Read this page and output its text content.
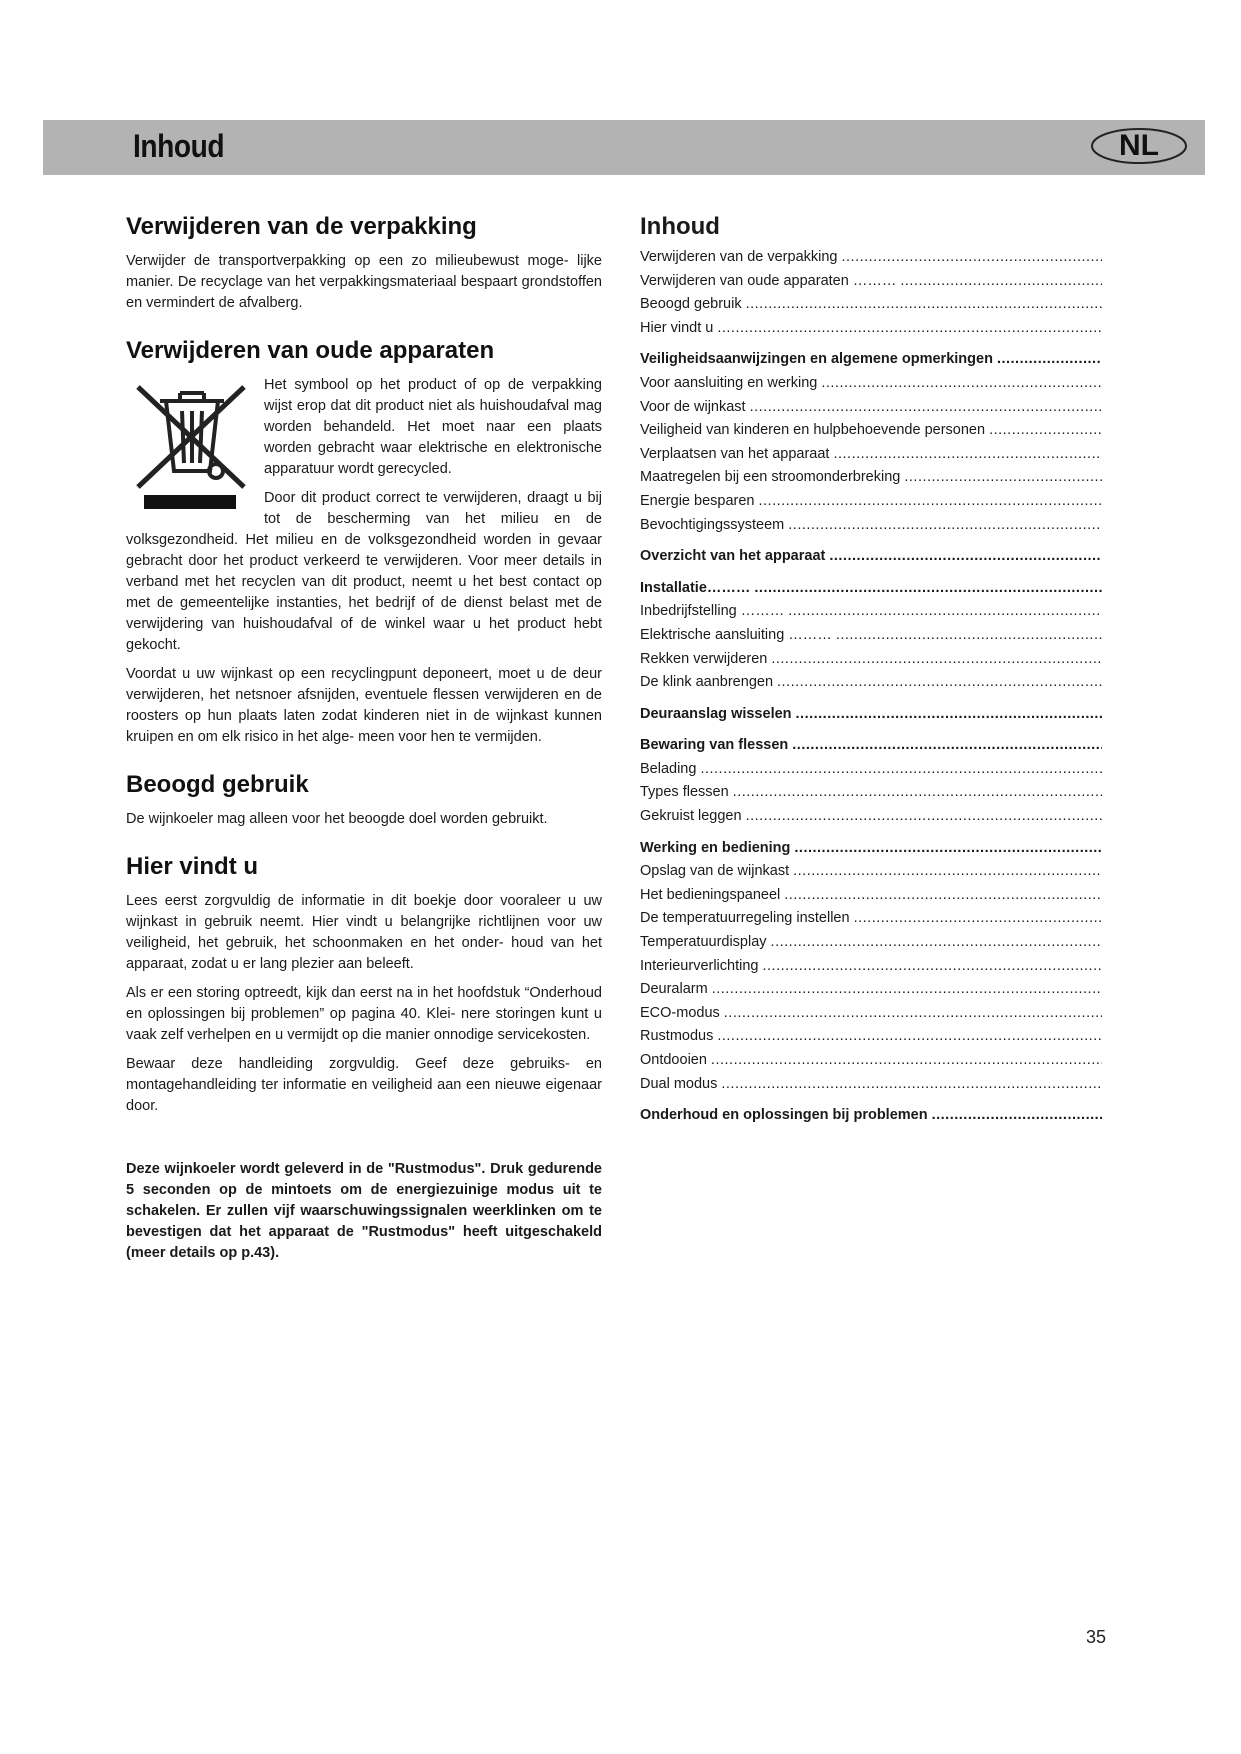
Inhoud	NL
Verwijderen van de verpakking

Verwijder de transportverpakking op een zo milieubewust moge- lijke manier. De recyclage van het verpakkingsmateriaal bespaart grondstoffen en vermindert de afvalberg.

Verwijderen van oude apparaten

Het symbool op het product of op de verpakking wijst erop dat dit product niet als huishoudafval mag worden behandeld. Het moet naar een plaats worden gebracht waar elektrische en elektronische apparatuur wordt gerecycled.

Door dit product correct te verwijderen, draagt u bij tot de bescherming van het milieu en de volksgezondheid. Het milieu en de volksgezondheid worden in gevaar gebracht door het product verkeerd te verwijderen. Voor meer details in verband met het recyclen van dit product, neemt u het best contact op met de gemeentelijke instanties, het bedrijf of de dienst belast met de verwijdering van huishoudafval of de winkel waar u het product hebt gekocht.

Voordat u uw wijnkast op een recyclingpunt deponeert, moet u de deur verwijderen, het netsnoer afsnijden, eventuele flessen verwijderen en de roosters op hun plaats laten zodat kinderen niet in de wijnkast kunnen kruipen en om elk risico in het alge- meen voor hen te vermijden.

Beoogd gebruik

De wijnkoeler mag alleen voor het beoogde doel worden gebruikt.

Hier vindt u

Lees eerst zorgvuldig de informatie in dit boekje door vooraleer u uw wijnkast in gebruik neemt. Hier vindt u belangrijke richtlijnen voor uw veiligheid, het gebruik, het schoonmaken en het onder- houd van het apparaat, zodat u er lang plezier aan beleeft.

Als er een storing optreedt, kijk dan eerst na in het hoofdstuk “Onderhoud en oplossingen bij problemen” op pagina 40. Klei- nere storingen kunt u vaak zelf verhelpen en u vermijdt op die manier onnodige servicekosten.

Bewaar deze handleiding zorgvuldig. Geef deze gebruiks- en montagehandleiding ter informatie en veiligheid aan een nieuwe eigenaar door.

Deze wijnkoeler wordt geleverd in de "Rustmodus". Druk gedurende 5 seconden op de mintoets om de energiezuinige modus uit te schakelen. Er zullen vijf waarschuwingssignalen weerklinken om te bevestigen dat het apparaat de "Rustmodus" heeft uitgeschakeld (meer details op p.43).
Inhoud
Verwijderen van de verpakking
.....
Verwijderen van oude apparaten ………
.....
Beoogd gebruik
.....
Hier vindt u
.....
Veiligheidsaanwijzingen en algemene opmerkingen
.....
Voor aansluiting en werking
.....
Voor de wijnkast
.....
Veiligheid van kinderen en hulpbehoevende personen
.....
Verplaatsen van het apparaat
.....
Maatregelen bij een stroomonderbreking
.....
Energie besparen
.....
Bevochtigingssysteem
.....
Overzicht van het apparaat
.....
Installatie………
.....
Inbedrijfstelling ………
.....
Elektrische aansluiting ………
.....
Rekken verwijderen
.....
De klink aanbrengen
.....
Deuraanslag wisselen
.....
Bewaring van flessen
.....
Belading
.....
Types flessen
.....
Gekruist leggen
.....
Werking en bediening
.....
Opslag van de wijnkast
.....
Het bedieningspaneel
.....
De temperatuurregeling instellen
.....
Temperatuurdisplay
.....
Interieurverlichting
.....
Deuralarm
.....
ECO-modus
.....
Rustmodus
.....
Ontdooien
.....
Dual modus
.....
Onderhoud en oplossingen bij problemen
.....
35
